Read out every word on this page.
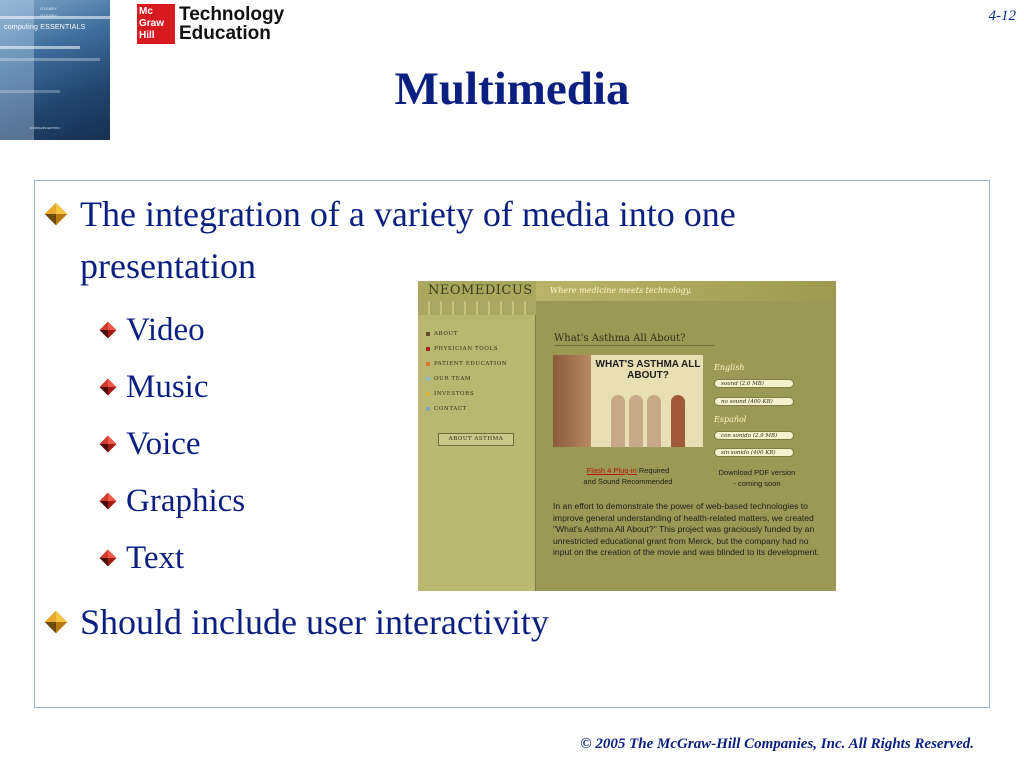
O'LEARY
O'LEARY
computing ESSENTIALS
COMPLETE EDITION
Mc
Graw
Hill
Technology
Education
4-12
Multimedia
The integration of a variety of media into one
presentation
Video
Music
Voice
Graphics
Text
Should include user interactivity
NEOMEDICUS Where medicine meets technology.
ABOUT
PHYSICIAN TOOLS
PATIENT EDUCATION
OUR TEAM
INVESTORS
CONTACT
ABOUT ASTHMA
What's Asthma All About?
WHAT'S ASTHMA ALL ABOUT?
English
sound (2.0 MB)
no sound (400 KB)
Español
con sonido (2.9 MB)
sin sonido (400 KB)
Flash 4 Plug-in Required
and Sound Recommended
Download PDF version
- coming soon
In an effort to demonstrate the power of web-based technologies to improve general understanding of health-related matters, we created "What's Asthma All About?" This project was graciously funded by an unrestricted educational grant from Merck, but the company had no input on the creation of the movie and was blinded to its development.
© 2005 The McGraw-Hill Companies, Inc. All Rights Reserved.
